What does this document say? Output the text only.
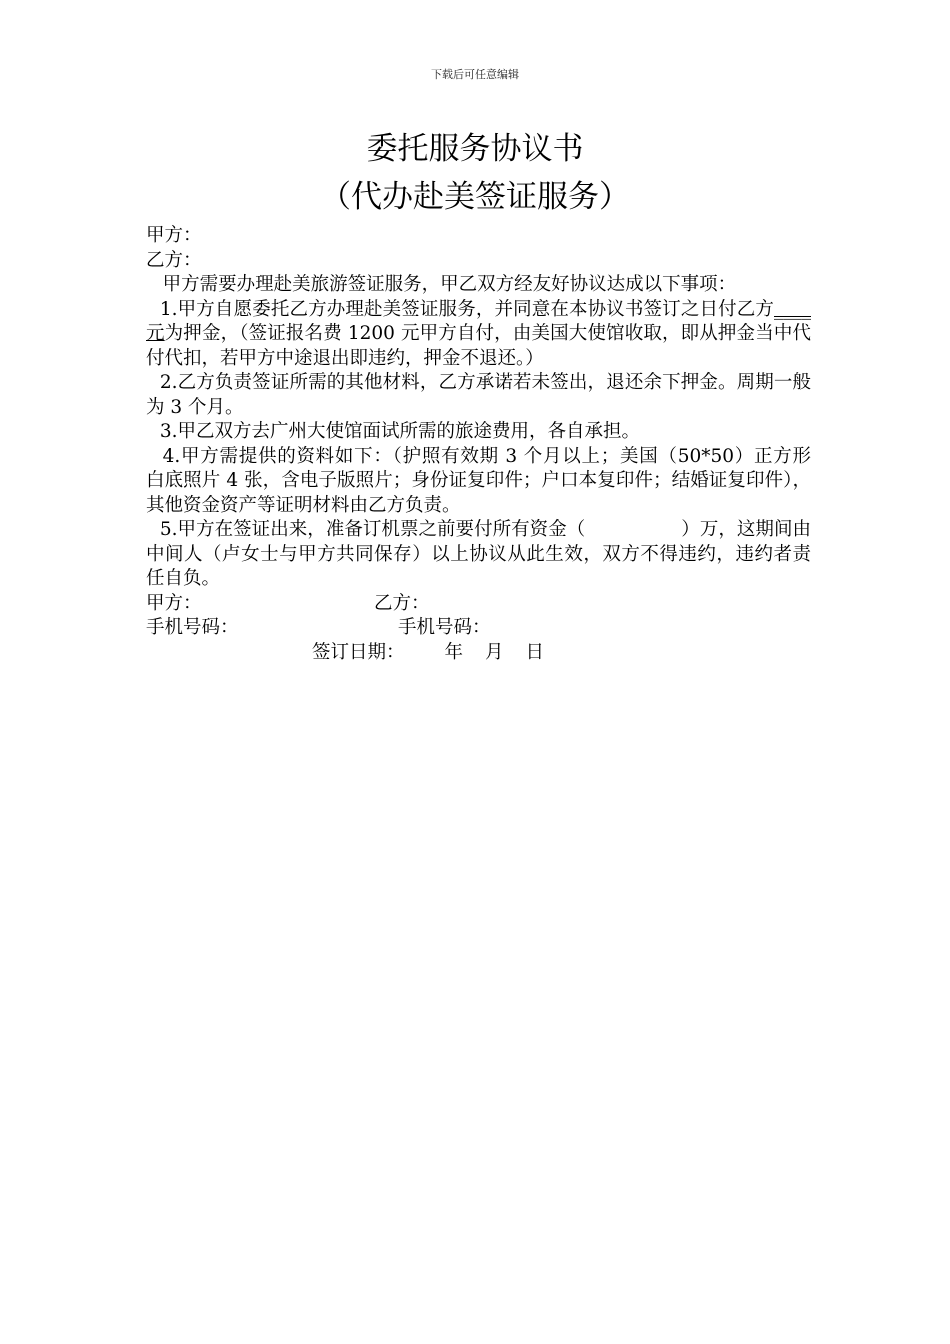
下载后可任意编辑
委托服务协议书
（代办赴美签证服务）

甲方：

乙方：

甲方需要办理赴美旅游签证服务，甲乙双方经友好协议达成以下事项：

1.甲方自愿委托乙方办理赴美签证服务，并同意在本协议书签订之日付乙方____元为押金，（签证报名费 1200 元甲方自付，由美国大使馆收取，即从押金当中代付代扣，若甲方中途退出即违约，押金不退还。）

2.乙方负责签证所需的其他材料，乙方承诺若未签出，退还余下押金。周期一般为 3 个月。

3.甲乙双方去广州大使馆面试所需的旅途费用，各自承担。

4.甲方需提供的资料如下：（护照有效期 3 个月以上；美国（50*50）正方形 白底照片 4 张，含电子版照片；身份证复印件；户口本复印件；结婚证复印件），其他资金资产等证明材料由乙方负责。

5.甲方在签证出来，准备订机票之前要付所有资金（	）万，这期间由中间人（卢女士与甲方共同保存）以上协议从此生效，双方不得违约，违约者责任自负。

甲方：	乙方：
手机号码：	手机号码：
签订日期： 年 月 日
